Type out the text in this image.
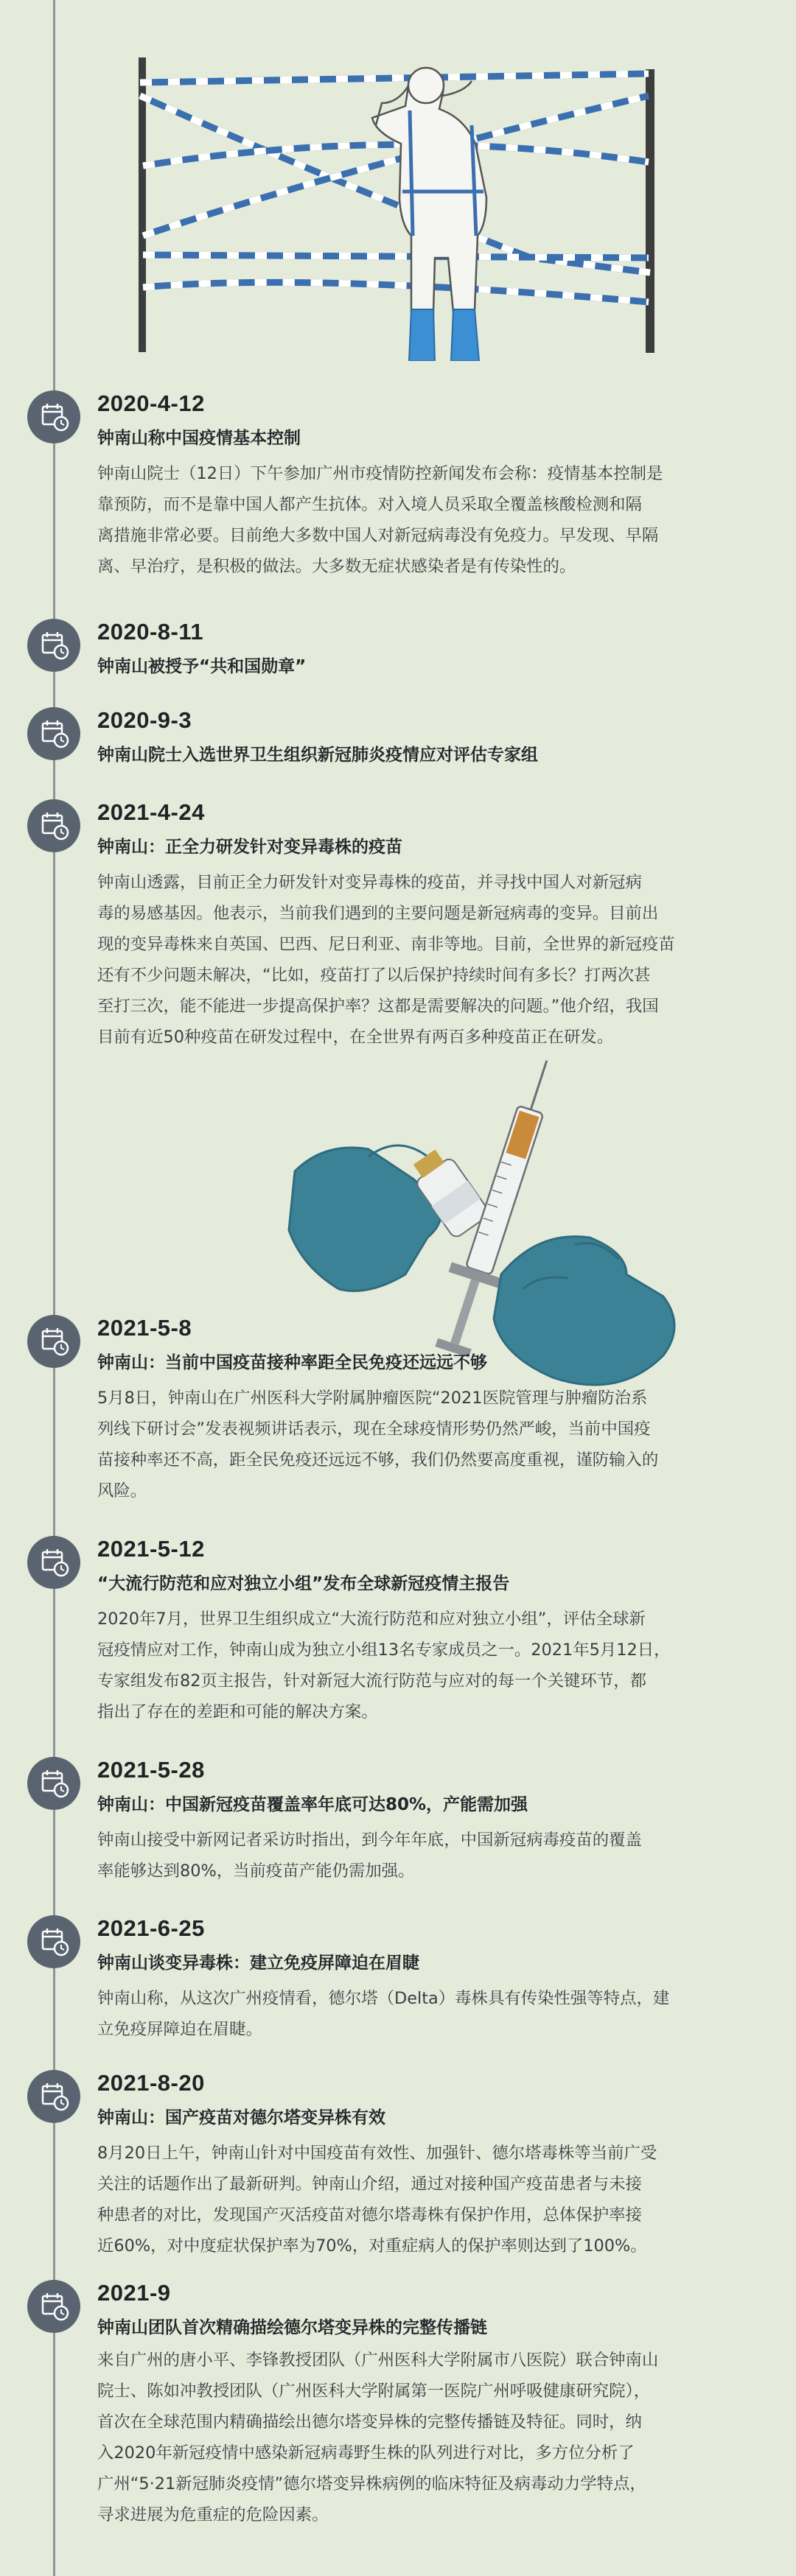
2020-4-12
钟南山称中国疫情基本控制
钟南山院士（12日）下午参加广州市疫情防控新闻发布会称：疫情基本控制是
靠预防，而不是靠中国人都产生抗体。对入境人员采取全覆盖核酸检测和隔
离措施非常必要。目前绝大多数中国人对新冠病毒没有免疫力。早发现、早隔
离、早治疗，是积极的做法。大多数无症状感染者是有传染性的。
2020-8-11
钟南山被授予“共和国勋章”
2020-9-3
钟南山院士入选世界卫生组织新冠肺炎疫情应对评估专家组
2021-4-24
钟南山：正全力研发针对变异毒株的疫苗
钟南山透露，目前正全力研发针对变异毒株的疫苗，并寻找中国人对新冠病
毒的易感基因。他表示，当前我们遇到的主要问题是新冠病毒的变异。目前出
现的变异毒株来自英国、巴西、尼日利亚、南非等地。目前，全世界的新冠疫苗
还有不少问题未解决，“比如，疫苗打了以后保护持续时间有多长？打两次甚
至打三次，能不能进一步提高保护率？这都是需要解决的问题。”他介绍，我国
目前有近50种疫苗在研发过程中，在全世界有两百多种疫苗正在研发。
2021-5-8
钟南山：当前中国疫苗接种率距全民免疫还远远不够
5月8日，钟南山在广州医科大学附属肿瘤医院“2021医院管理与肿瘤防治系
列线下研讨会”发表视频讲话表示，现在全球疫情形势仍然严峻，当前中国疫
苗接种率还不高，距全民免疫还远远不够，我们仍然要高度重视，谨防输入的
风险。
2021-5-12
“大流行防范和应对独立小组”发布全球新冠疫情主报告
2020年7月，世界卫生组织成立“大流行防范和应对独立小组”，评估全球新
冠疫情应对工作，钟南山成为独立小组13名专家成员之一。2021年5月12日，
专家组发布82页主报告，针对新冠大流行防范与应对的每一个关键环节，都
指出了存在的差距和可能的解决方案。
2021-5-28
钟南山：中国新冠疫苗覆盖率年底可达80%，产能需加强
钟南山接受中新网记者采访时指出，到今年年底，中国新冠病毒疫苗的覆盖
率能够达到80%，当前疫苗产能仍需加强。
2021-6-25
钟南山谈变异毒株：建立免疫屏障迫在眉睫
钟南山称，从这次广州疫情看，德尔塔（Delta）毒株具有传染性强等特点，建
立免疫屏障迫在眉睫。
2021-8-20
钟南山：国产疫苗对德尔塔变异株有效
8月20日上午，钟南山针对中国疫苗有效性、加强针、德尔塔毒株等当前广受
关注的话题作出了最新研判。钟南山介绍，通过对接种国产疫苗患者与未接
种患者的对比，发现国产灭活疫苗对德尔塔毒株有保护作用，总体保护率接
近60%，对中度症状保护率为70%，对重症病人的保护率则达到了100%。
2021-9
钟南山团队首次精确描绘德尔塔变异株的完整传播链
来自广州的唐小平、李锋教授团队（广州医科大学附属市八医院）联合钟南山
院士、陈如冲教授团队（广州医科大学附属第一医院广州呼吸健康研究院），
首次在全球范围内精确描绘出德尔塔变异株的完整传播链及特征。同时，纳
入2020年新冠疫情中感染新冠病毒野生株的队列进行对比，多方位分析了
广州“5·21新冠肺炎疫情”德尔塔变异株病例的临床特征及病毒动力学特点，
寻求进展为危重症的危险因素。
